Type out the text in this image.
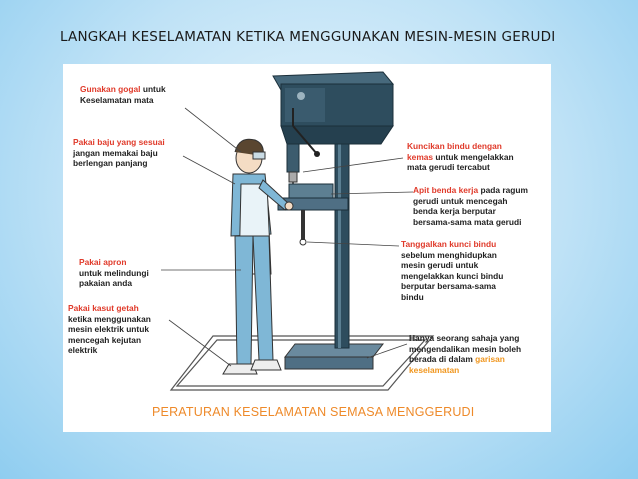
LANGKAH KESELAMATAN KETIKA MENGGUNAKAN MESIN-MESIN GERUDI
Gunakan gogal untuk
Keselamatan mata
Pakai baju yang sesuai
jangan memakai baju
berlengan panjang
Pakai apron
untuk melindungi
pakaian anda
Pakai kasut getah
ketika menggunakan
mesin elektrik untuk
mencegah kejutan
elektrik
Kuncikan bindu dengan
kemas untuk mengelakkan
mata gerudi tercabut
Apit benda kerja pada ragum
gerudi untuk mencegah
benda kerja berputar
bersama-sama mata gerudi
Tanggalkan kunci bindu
sebelum menghidupkan
mesin gerudi untuk
mengelakkan kunci bindu
berputar bersama-sama
bindu
Hanya seorang sahaja yang
mengendalikan mesin boleh
berada di dalam garisan
keselamatan
PERATURAN KESELAMATAN SEMASA MENGGERUDI
